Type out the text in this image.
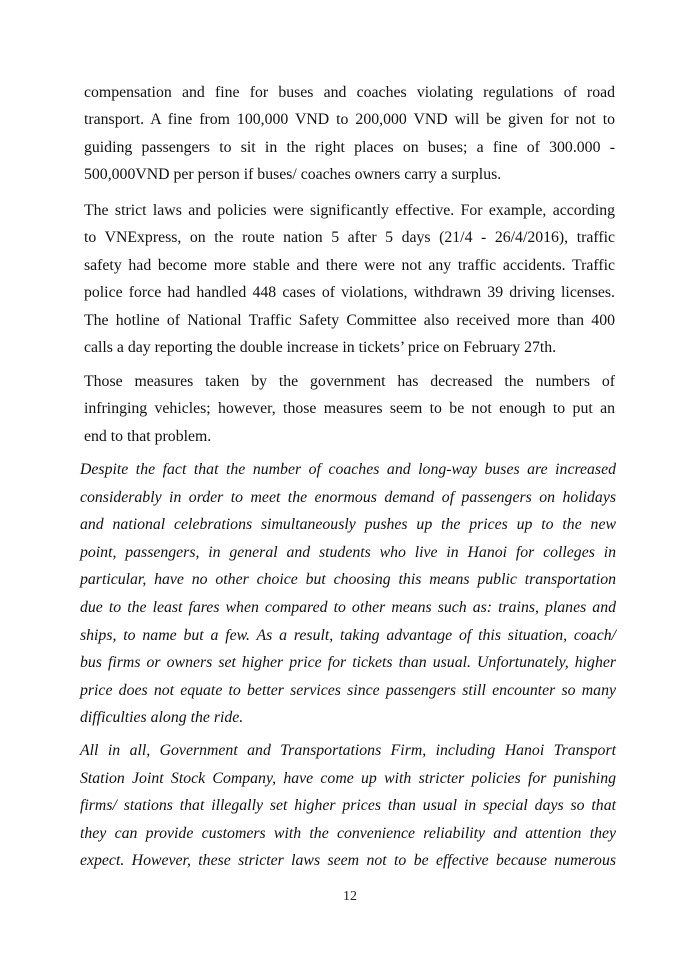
compensation and fine for buses and coaches violating regulations of road
transport. A fine from 100,000 VND to 200,000 VND will be given for not to
guiding passengers to sit in the right places on buses; a fine of 300.000 -
500,000VND per person if buses/ coaches owners carry a surplus.

The strict laws and policies were significantly effective. For example, according
to VNExpress, on the route nation 5 after 5 days (21/4 - 26/4/2016), traffic
safety had become more stable and there were not any traffic accidents. Traffic
police force had handled 448 cases of violations, withdrawn 39 driving licenses.
The hotline of National Traffic Safety Committee also received more than 400
calls a day reporting the double increase in tickets’ price on February 27th.

Those measures taken by the government has decreased the numbers of
infringing vehicles; however, those measures seem to be not enough to put an
end to that problem.

Despite the fact that the number of coaches and long-way buses are increased
considerably in order to meet the enormous demand of passengers on holidays
and national celebrations simultaneously pushes up the prices up to the new
point, passengers, in general and students who live in Hanoi for colleges in
particular, have no other choice but choosing this means public transportation
due to the least fares when compared to other means such as: trains, planes and
ships, to name but a few. As a result, taking advantage of this situation, coach/
bus firms or owners set higher price for tickets than usual. Unfortunately, higher
price does not equate to better services since passengers still encounter so many
difficulties along the ride.

All in all, Government and Transportations Firm, including Hanoi Transport
Station Joint Stock Company, have come up with stricter policies for punishing
firms/ stations that illegally set higher prices than usual in special days so that
they can provide customers with the convenience reliability and attention they
expect. However, these stricter laws seem not to be effective because numerous

12
